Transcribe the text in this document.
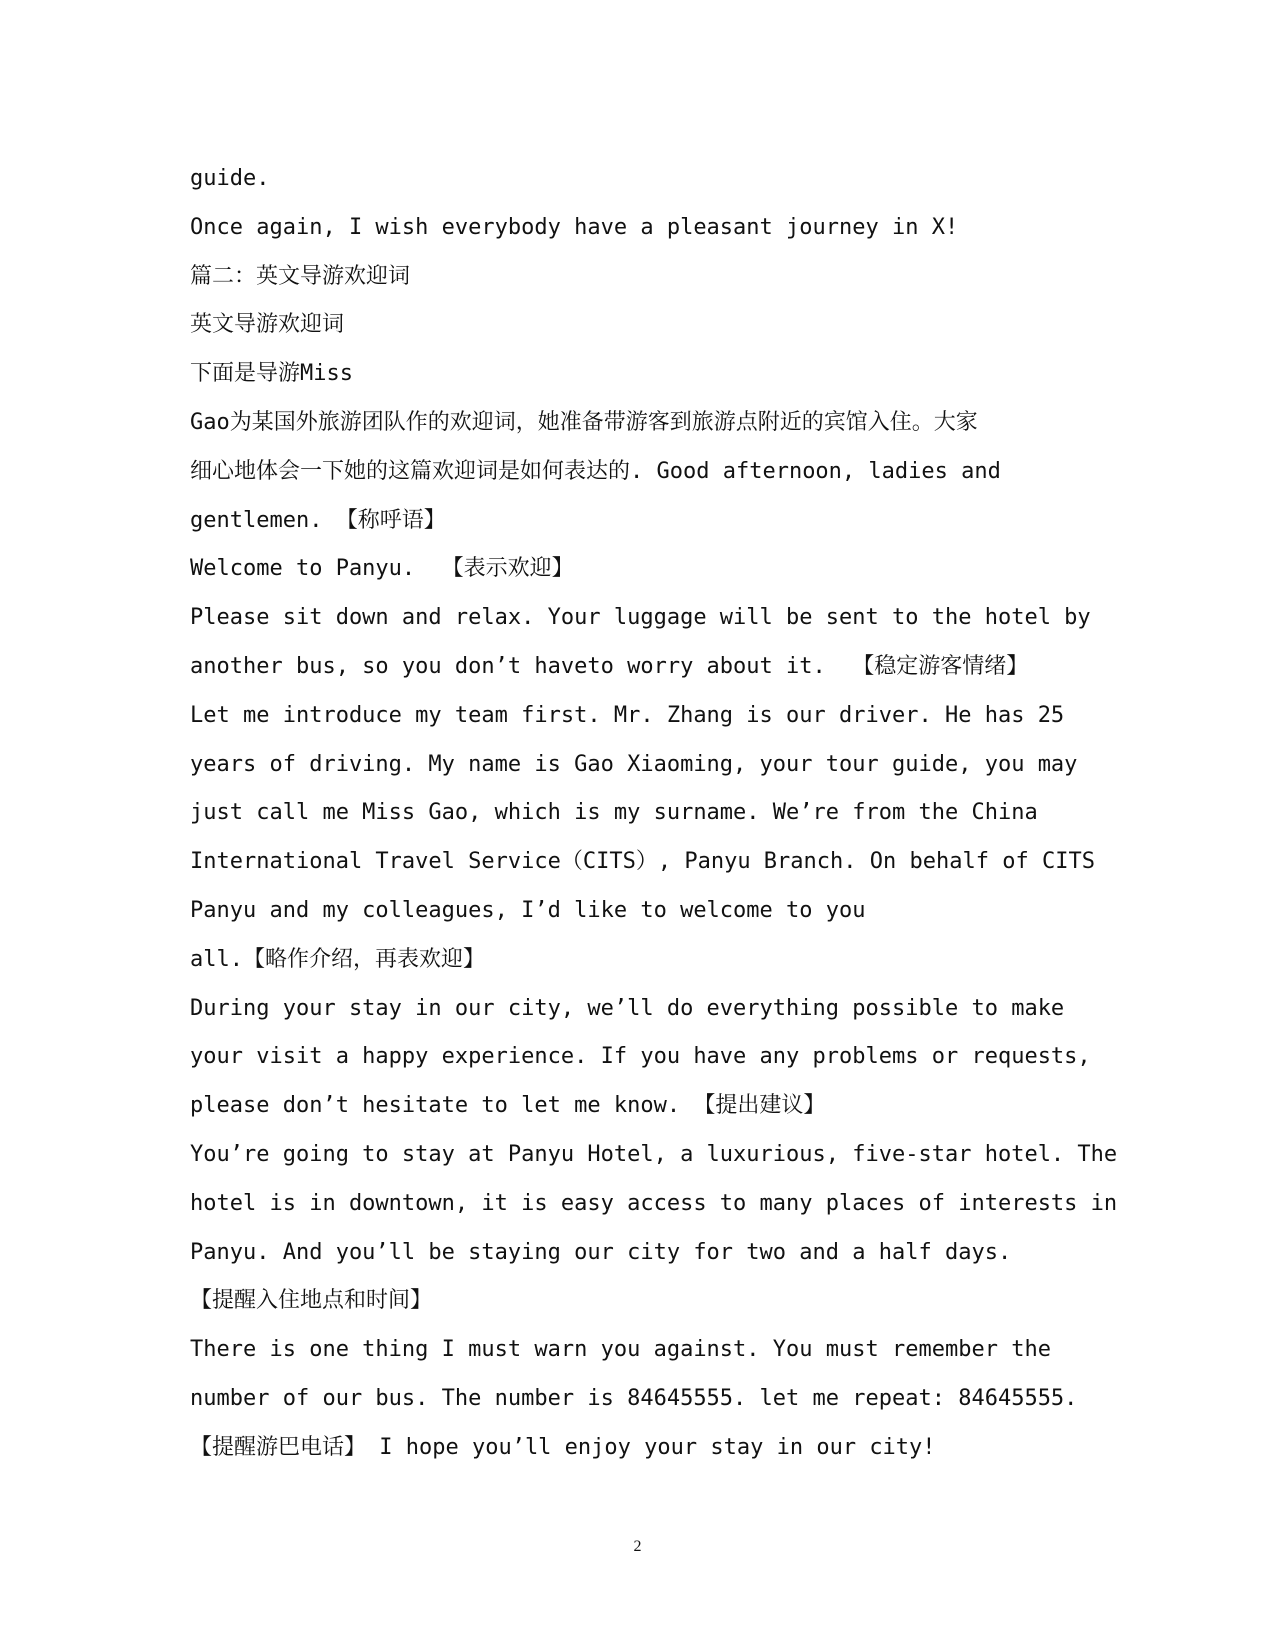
guide.
Once again, I wish everybody have a pleasant journey in X!
篇二：英文导游欢迎词
英文导游欢迎词
下面是导游Miss
Gao为某国外旅游团队作的欢迎词，她准备带游客到旅游点附近的宾馆入住。大家
细心地体会一下她的这篇欢迎词是如何表达的. Good afternoon, ladies and
gentlemen. 【称呼语】
Welcome to Panyu.  【表示欢迎】
Please sit down and relax. Your luggage will be sent to the hotel by
another bus, so you don’t haveto worry about it.  【稳定游客情绪】
Let me introduce my team first. Mr. Zhang is our driver. He has 25
years of driving. My name is Gao Xiaoming, your tour guide, you may
just call me Miss Gao, which is my surname. We’re from the China
International Travel Service（CITS）, Panyu Branch. On behalf of CITS
Panyu and my colleagues, I’d like to welcome to you
all.【略作介绍，再表欢迎】
During your stay in our city, we’ll do everything possible to make
your visit a happy experience. If you have any problems or requests,
please don’t hesitate to let me know. 【提出建议】
You’re going to stay at Panyu Hotel, a luxurious, five-star hotel. The
hotel is in downtown, it is easy access to many places of interests in
Panyu. And you’ll be staying our city for two and a half days.
【提醒入住地点和时间】
There is one thing I must warn you against. You must remember the
number of our bus. The number is 84645555. let me repeat: 84645555.
【提醒游巴电话】 I hope you’ll enjoy your stay in our city!
2
